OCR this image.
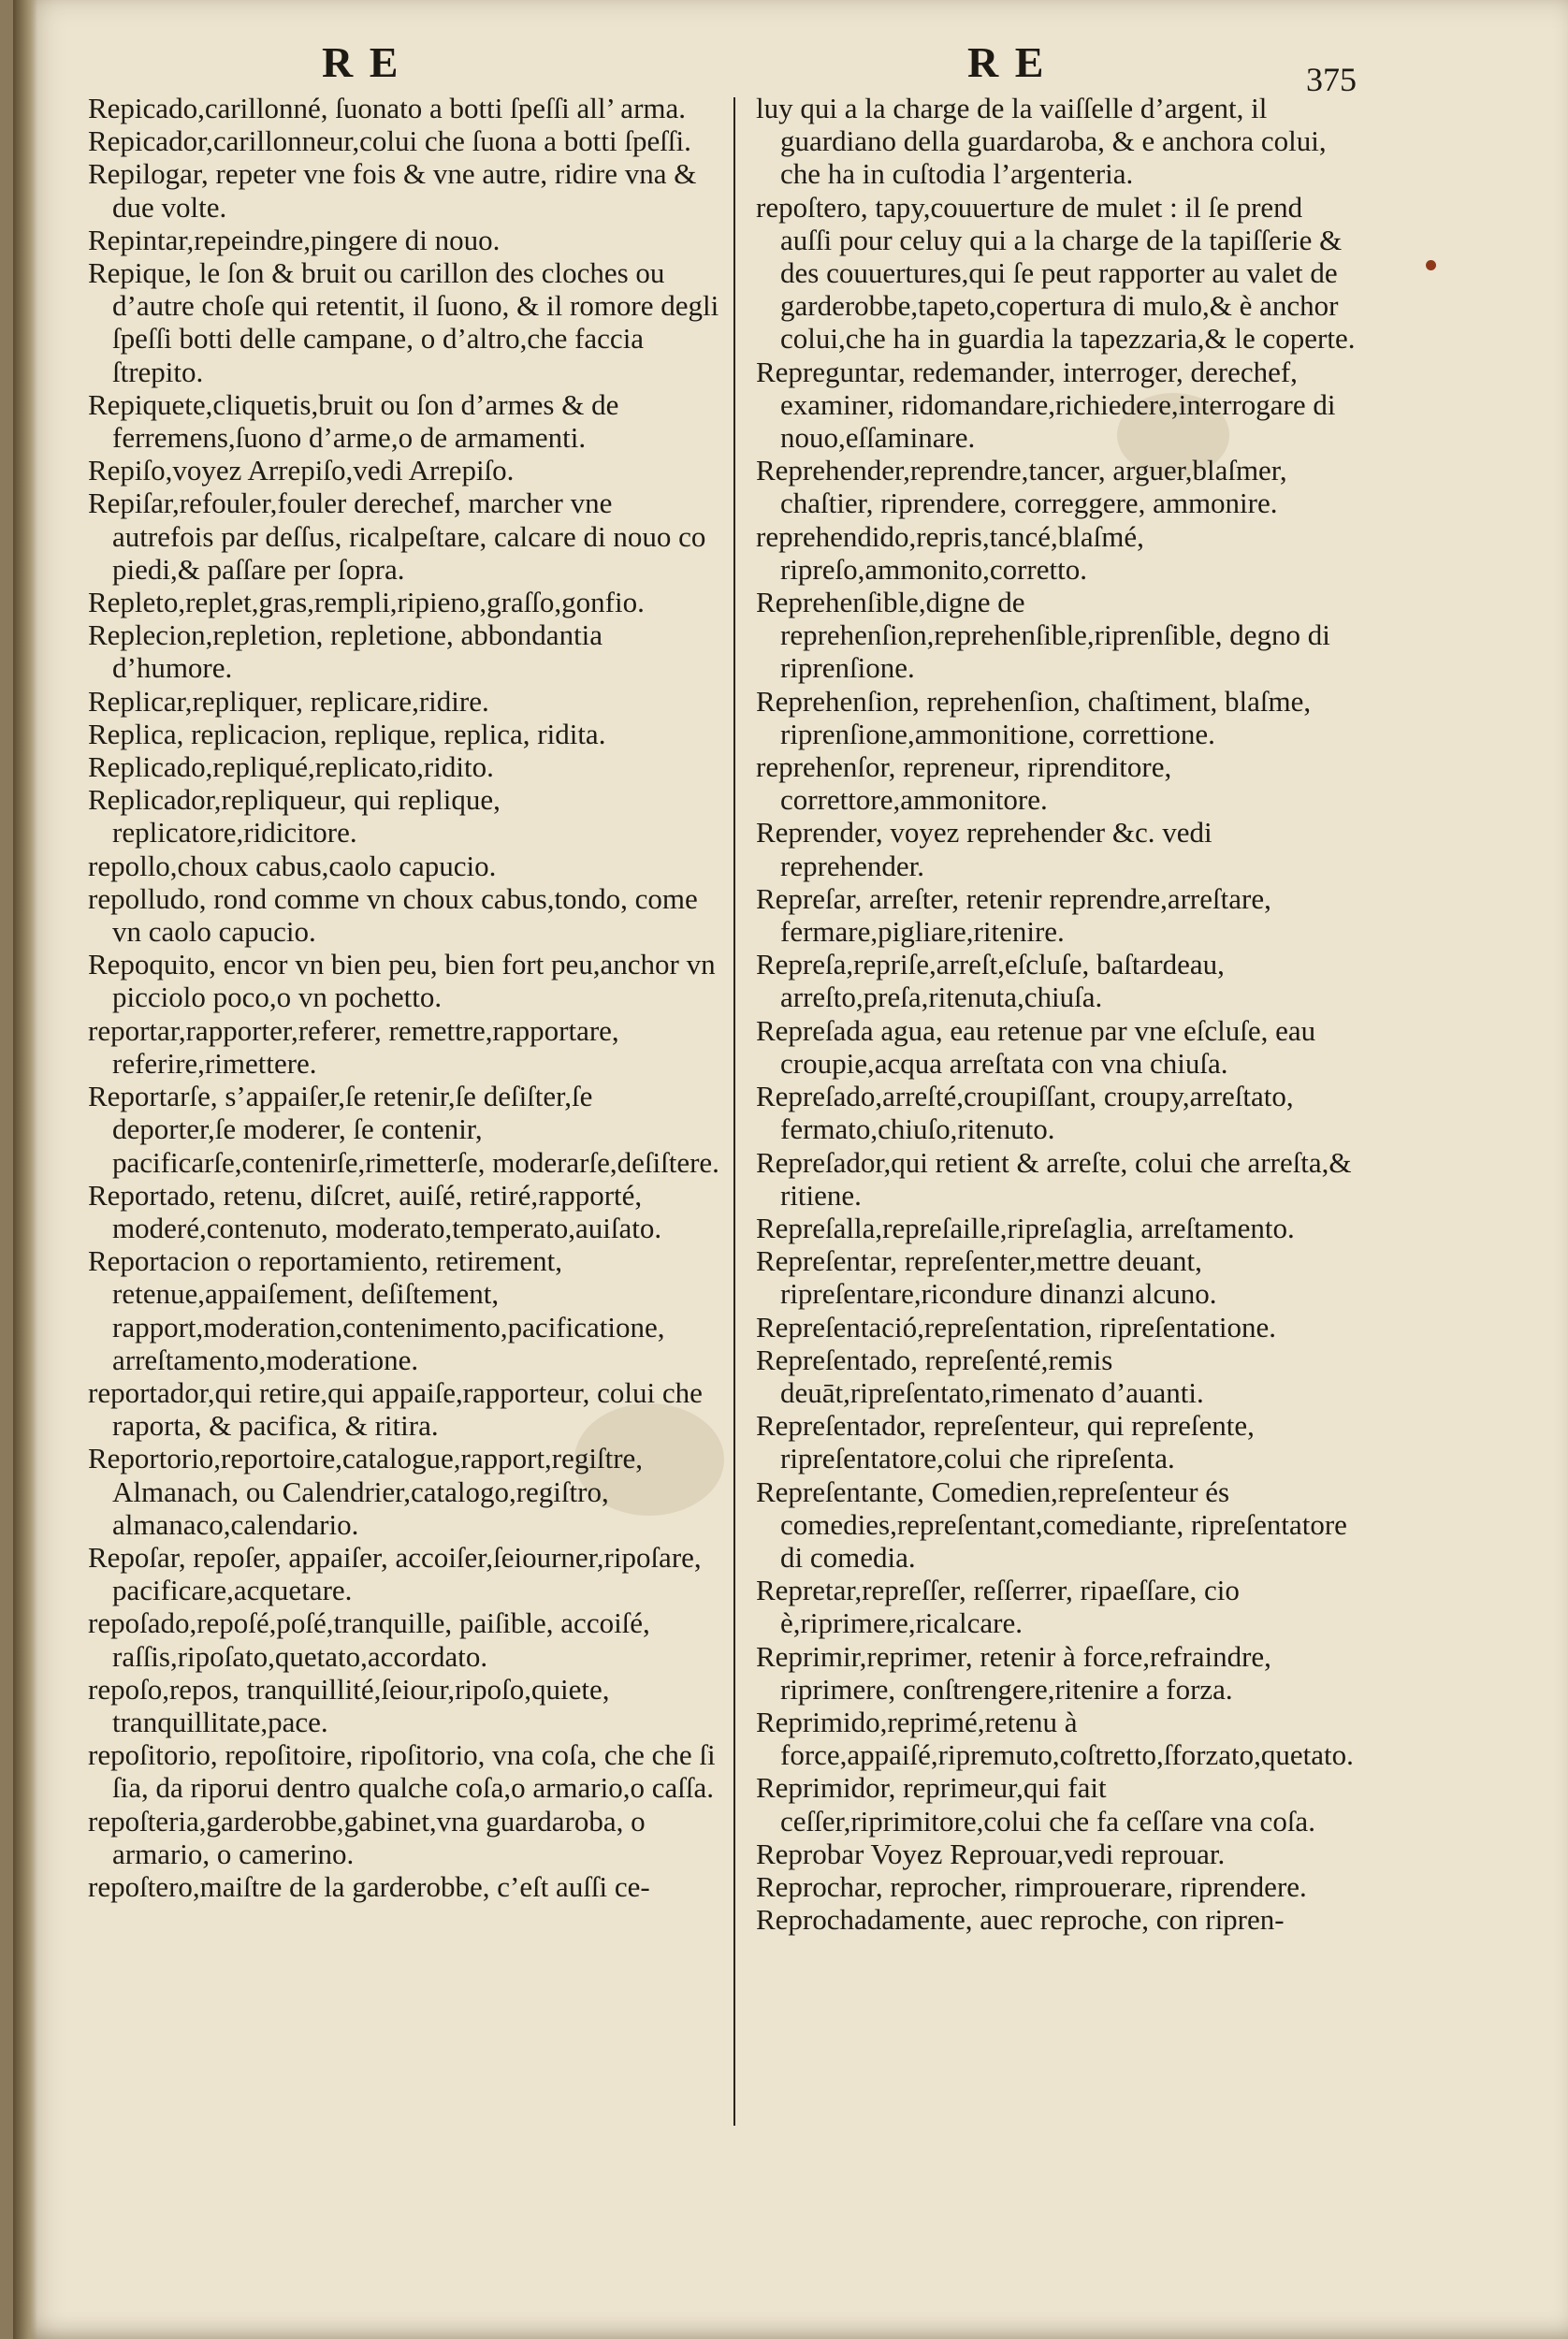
R E	R E	375

Repicado,carillonné, ſuonato a botti ſpeſſi all’ arma.

Repicador,carillonneur,colui che ſuona a botti ſpeſſi.

Repilogar, repeter vne fois & vne autre, ridire vna & due volte.

Repintar,repeindre,pingere di nouo.

Repique, le ſon & bruit ou carillon des cloches ou d’autre choſe qui retentit, il ſuono, & il romore degli ſpeſſi botti delle campane, o d’altro,che faccia ſtrepito.

Repiquete,cliquetis,bruit ou ſon d’armes & de ferremens,ſuono d’arme,o de armamenti.

Repiſo,voyez Arrepiſo,vedi Arrepiſo.

Repiſar,refouler,fouler derechef, marcher vne autrefois par deſſus, ricalpeſtare, calcare di nouo co piedi,& paſſare per ſopra.

Repleto,replet,gras,rempli,ripieno,graſſo,gonfio.

Replecion,repletion, repletione, abbondantia d’humore.

Replicar,repliquer, replicare,ridire.

Replica, replicacion, replique, replica, ridita.

Replicado,repliqué,replicato,ridito.

Replicador,repliqueur, qui replique, replicatore,ridicitore.

repollo,choux cabus,caolo capucio.

repolludo, rond comme vn choux cabus,tondo, come vn caolo capucio.

Repoquito, encor vn bien peu, bien fort peu,anchor vn picciolo poco,o vn pochetto.

reportar,rapporter,referer, remettre,rapportare, referire,rimettere.

Reportarſe, s’appaiſer,ſe retenir,ſe deſiſter,ſe deporter,ſe moderer, ſe contenir, pacificarſe,contenirſe,rimetterſe, moderarſe,deſiſtere.

Reportado, retenu, diſcret, auiſé, retiré,rapporté, moderé,contenuto, moderato,temperato,auiſato.

Reportacion o reportamiento, retirement, retenue,appaiſement, deſiſtement, rapport,moderation,contenimento,pacificatione, arreſtamento,moderatione.

reportador,qui retire,qui appaiſe,rapporteur, colui che raporta, & pacifica, & ritira.

Reportorio,reportoire,catalogue,rapport,regiſtre, Almanach, ou Calendrier,catalogo,regiſtro, almanaco,calendario.

Repoſar, repoſer, appaiſer, accoiſer,ſeiourner,ripoſare, pacificare,acquetare.

repoſado,repoſé,poſé,tranquille, paiſible, accoiſé, raſſis,ripoſato,quetato,accordato.

repoſo,repos, tranquillité,ſeiour,ripoſo,quiete, tranquillitate,pace.

repoſitorio, repoſitoire, ripoſitorio, vna coſa, che che ſi ſia, da riporui dentro qualche coſa,o armario,o caſſa.

repoſteria,garderobbe,gabinet,vna guardaroba, o armario, o camerino.

repoſtero,maiſtre de la garderobbe, c’eſt auſſi ce-

luy qui a la charge de la vaiſſelle d’argent, il guardiano della guardaroba, & e anchora colui, che ha in cuſtodia l’argenteria.

repoſtero, tapy,couuerture de mulet : il ſe prend auſſi pour celuy qui a la charge de la tapiſſerie & des couuertures,qui ſe peut rapporter au valet de garderobbe,tapeto,copertura di mulo,& è anchor colui,che ha in guardia la tapezzaria,& le coperte.

Repreguntar, redemander, interroger, derechef, examiner, ridomandare,richiedere,interrogare di nouo,eſſaminare.

Reprehender,reprendre,tancer, arguer,blaſmer, chaſtier, riprendere, correggere, ammonire.

reprehendido,repris,tancé,blaſmé, ripreſo,ammonito,corretto.

Reprehenſible,digne de reprehenſion,reprehenſible,riprenſible, degno di riprenſione.

Reprehenſion, reprehenſion, chaſtiment, blaſme, riprenſione,ammonitione, correttione.

reprehenſor, repreneur, riprenditore, correttore,ammonitore.

Reprender, voyez reprehender &c. vedi reprehender.

Repreſar, arreſter, retenir reprendre,arreſtare, fermare,pigliare,ritenire.

Repreſa,repriſe,arreſt,eſcluſe, baſtardeau, arreſto,preſa,ritenuta,chiuſa.

Repreſada agua, eau retenue par vne eſcluſe, eau croupie,acqua arreſtata con vna chiuſa.

Repreſado,arreſté,croupiſſant, croupy,arreſtato, fermato,chiuſo,ritenuto.

Repreſador,qui retient & arreſte, colui che arreſta,& ritiene.

Repreſalla,repreſaille,ripreſaglia, arreſtamento.

Repreſentar, repreſenter,mettre deuant, ripreſentare,ricondure dinanzi alcuno.

Repreſentació,repreſentation, ripreſentatione.

Repreſentado, repreſenté,remis deuāt,ripreſentato,rimenato d’auanti.

Repreſentador, repreſenteur, qui repreſente, ripreſentatore,colui che ripreſenta.

Repreſentante, Comedien,repreſenteur és comedies,repreſentant,comediante, ripreſentatore di comedia.

Repretar,repreſſer, reſſerrer, ripaeſſare, cio è,riprimere,ricalcare.

Reprimir,reprimer, retenir à force,refraindre, riprimere, conſtrengere,ritenire a forza.

Reprimido,reprimé,retenu à force,appaiſé,ripremuto,coſtretto,ſforzato,quetato.

Reprimidor, reprimeur,qui fait ceſſer,riprimitore,colui che fa ceſſare vna coſa.

Reprobar Voyez Reprouar,vedi reprouar.

Reprochar, reprocher, rimprouerare, riprendere.

Reprochadamente, auec reproche, con ripren-
